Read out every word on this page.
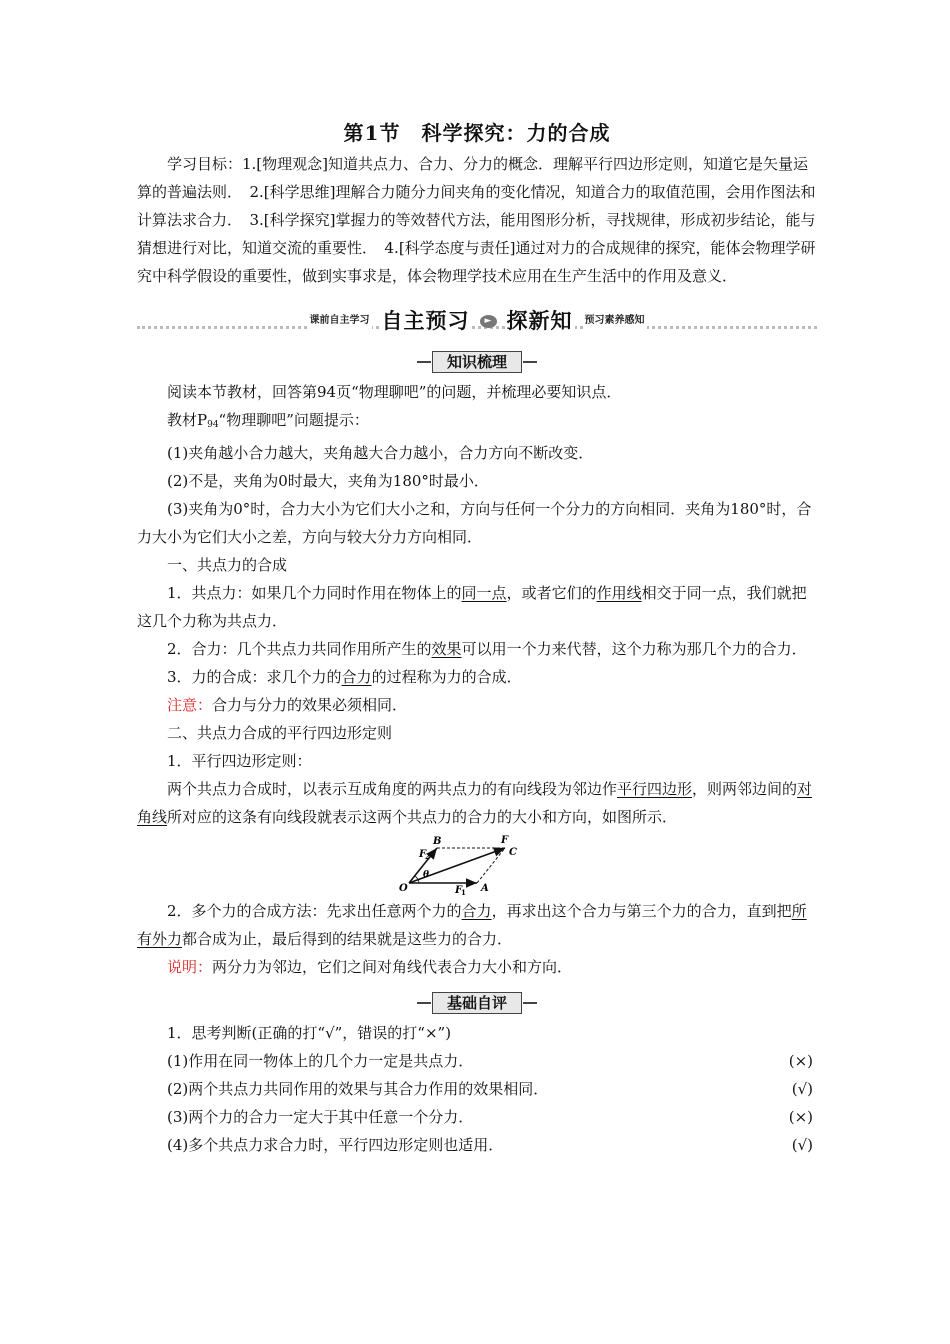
第1节　科学探究：力的合成

学习目标：1.[物理观念]知道共点力、合力、分力的概念．理解平行四边形定则，知道它是矢量运算的普遍法则．　2.[科学思维]理解合力随分力间夹角的变化情况，知道合力的取值范围，会用作图法和计算法求合力．　3.[科学探究]掌握力的等效替代方法，能用图形分析，寻找规律，形成初步结论，能与猜想进行对比，知道交流的重要性．　4.[科学态度与责任]通过对力的合成规律的探究，能体会物理学研究中科学假设的重要性，做到实事求是，体会物理学技术应用在生产生活中的作用及意义．

课前自主学习 自主预习	► 探新知 预习素养感知
知识梳理

阅读本节教材，回答第94页“物理聊吧”的问题，并梳理必要知识点．

教材$P_{94}“$物理聊吧”问题提示：

(1)夹角越小合力越大，夹角越大合力越小，合力方向不断改变．

(2)不是，夹角为0时最大，夹角为180°时最小．

(3)夹角为0°时，合力大小为它们大小之和，方向与任何一个分力的方向相同．夹角为180°时，合力大小为它们大小之差，方向与较大分力方向相同．

一、共点力的合成

1．共点力：如果几个力同时作用在物体上的同一点，或者它们的作用线相交于同一点，我们就把这几个力称为共点力．

2．合力：几个共点力共同作用所产生的效果可以用一个力来代替，这个力称为那几个力的合力．

3．力的合成：求几个力的合力的过程称为力的合成．

注意：合力与分力的效果必须相同．

二、共点力合成的平行四边形定则

1．平行四边形定则：

两个共点力合成时，以表示互成角度的两共点力的有向线段为邻边作平行四边形，则两邻边间的对角线所对应的这条有向线段就表示这两个共点力的合力的大小和方向，如图所示．

O	A
B
C
F
F
1
F
2
θ

2．多个力的合成方法：先求出任意两个力的合力，再求出这个合力与第三个力的合力，直到把所有外力都合成为止，最后得到的结果就是这些力的合力．

说明：两分力为邻边，它们之间对角线代表合力大小和方向．

基础自评

1．思考判断(正确的打“√”，错误的打“×”)

(1)作用在同一物体上的几个力一定是共点力．	(×)
(2)两个共点力共同作用的效果与其合力作用的效果相同．	(√)
(3)两个力的合力一定大于其中任意一个分力．	(×)
(4)多个共点力求合力时，平行四边形定则也适用．	(√)
